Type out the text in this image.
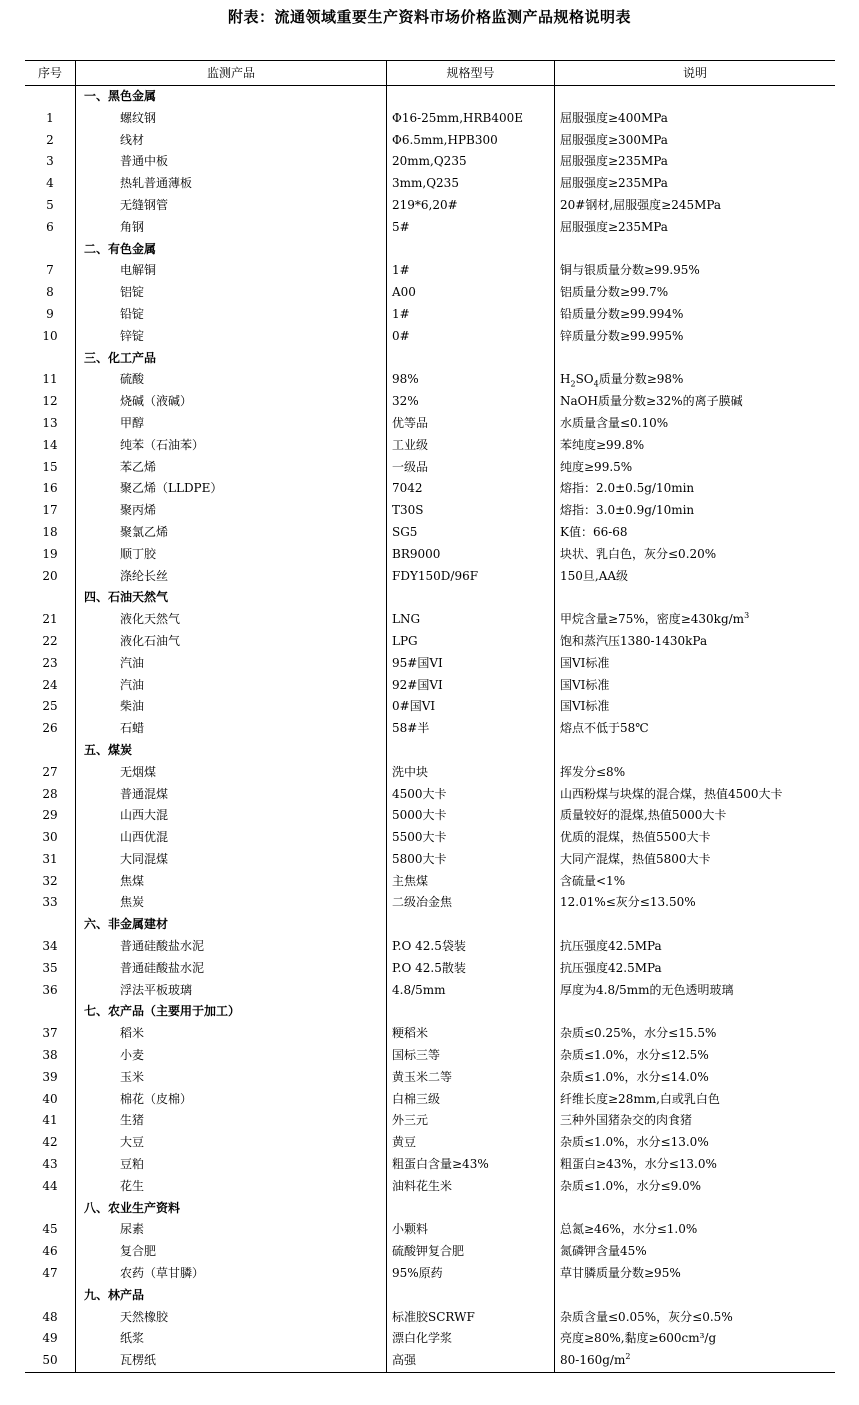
附表：流通领域重要生产资料市场价格监测产品规格说明表
序号	监测产品	规格型号	说明
	一、黑色金属		
1	螺纹钢	Φ16-25mm,HRB400E	屈服强度≥400MPa
2	线材	Φ6.5mm,HPB300	屈服强度≥300MPa
3	普通中板	20mm,Q235	屈服强度≥235MPa
4	热轧普通薄板	3mm,Q235	屈服强度≥235MPa
5	无缝钢管	219*6,20#	20#钢材,屈服强度≥245MPa
6	角钢	5#	屈服强度≥235MPa
	二、有色金属		
7	电解铜	1#	铜与银质量分数≥99.95%
8	铝锭	A00	铝质量分数≥99.7%
9	铅锭	1#	铅质量分数≥99.994%
10	锌锭	0#	锌质量分数≥99.995%
	三、化工产品		
11	硫酸	98%	$H_2SO_4$质量分数≥98%
12	烧碱（液碱）	32%	NaOH质量分数≥32%的离子膜碱
13	甲醇	优等品	水质量含量≤0.10%
14	纯苯（石油苯）	工业级	苯纯度≥99.8%
15	苯乙烯	一级品	纯度≥99.5%
16	聚乙烯（LLDPE）	7042	熔指：2.0±0.5g/10min
17	聚丙烯	T30S	熔指：3.0±0.9g/10min
18	聚氯乙烯	SG5	K值：66-68
19	顺丁胶	BR9000	块状、乳白色，灰分≤0.20%
20	涤纶长丝	FDY150D/96F	150旦,AA级
	四、石油天然气		
21	液化天然气	LNG	甲烷含量≥75%，密度$\ge 430kg/m^3$
22	液化石油气	LPG	饱和蒸汽压1380-1430kPa
23	汽油	95#国VI	国VI标准
24	汽油	92#国VI	国VI标准
25	柴油	0#国VI	国VI标准
26	石蜡	58#半	熔点不低于58℃
	五、煤炭		
27	无烟煤	洗中块	挥发分≤8%
28	普通混煤	4500大卡	山西粉煤与块煤的混合煤，热值4500大卡
29	山西大混	5000大卡	质量较好的混煤,热值5000大卡
30	山西优混	5500大卡	优质的混煤，热值5500大卡
31	大同混煤	5800大卡	大同产混煤，热值5800大卡
32	焦煤	主焦煤	含硫量<1%
33	焦炭	二级冶金焦	12.01%≤灰分≤13.50%
	六、非金属建材		
34	普通硅酸盐水泥	P.O 42.5袋装	抗压强度42.5MPa
35	普通硅酸盐水泥	P.O 42.5散装	抗压强度42.5MPa
36	浮法平板玻璃	4.8/5mm	厚度为4.8/5mm的无色透明玻璃
	七、农产品（主要用于加工）		
37	稻米	粳稻米	杂质≤0.25%，水分≤15.5%
38	小麦	国标三等	杂质≤1.0%，水分≤12.5%
39	玉米	黄玉米二等	杂质≤1.0%，水分≤14.0%
40	棉花（皮棉）	白棉三级	纤维长度≥28mm,白或乳白色
41	生猪	外三元	三种外国猪杂交的肉食猪
42	大豆	黄豆	杂质≤1.0%，水分≤13.0%
43	豆粕	粗蛋白含量≥43%	粗蛋白≥43%，水分≤13.0%
44	花生	油料花生米	杂质≤1.0%，水分≤9.0%
	八、农业生产资料		
45	尿素	小颗料	总氮≥46%，水分≤1.0%
46	复合肥	硫酸钾复合肥	氮磷钾含量45%
47	农药（草甘膦）	95%原药	草甘膦质量分数≥95%
	九、林产品		
48	天然橡胶	标准胶SCRWF	杂质含量≤0.05%，灰分≤0.5%
49	纸浆	漂白化学浆	亮度≥80%,黏度≥600cm³/g
50	瓦楞纸	高强	$80-160g/m^2$
